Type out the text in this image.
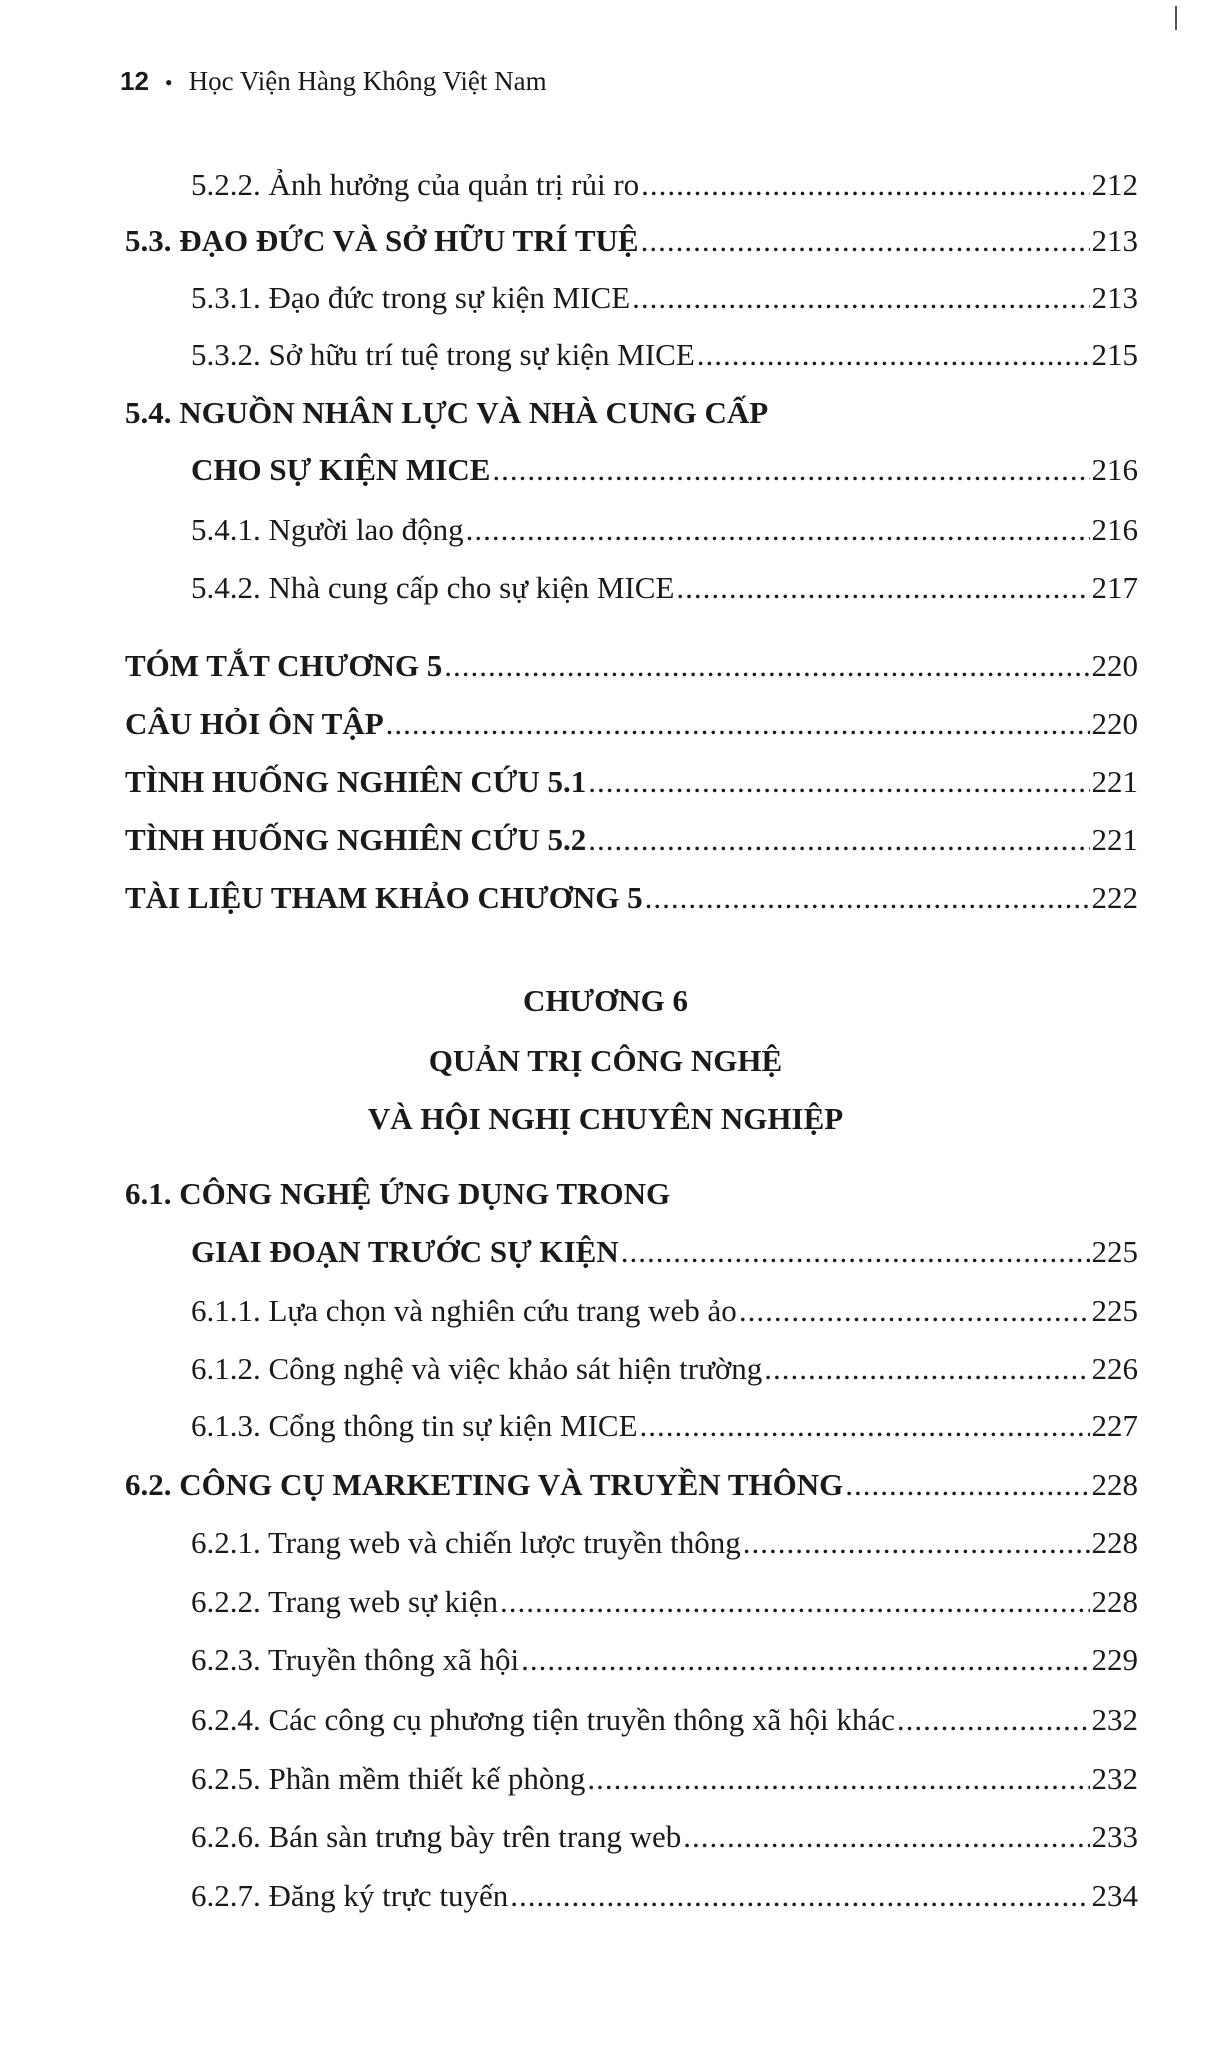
12 • Học Viện Hàng Không Việt Nam
5.2.2. Ảnh hưởng của quản trị rủi ro .....	212
5.3. ĐẠO ĐỨC VÀ SỞ HỮU TRÍ TUỆ .....	213
5.3.1. Đạo đức trong sự kiện MICE .....	213
5.3.2. Sở hữu trí tuệ trong sự kiện MICE .....	215
5.4. NGUỒN NHÂN LỰC VÀ NHÀ CUNG CẤP
CHO SỰ KIỆN MICE .....	216
5.4.1. Người lao động .....	216
5.4.2. Nhà cung cấp cho sự kiện MICE .....	217
TÓM TẮT CHƯƠNG 5 .....	220
CÂU HỎI ÔN TẬP .....	220
TÌNH HUỐNG NGHIÊN CỨU 5.1 .....	221
TÌNH HUỐNG NGHIÊN CỨU 5.2 .....	221
TÀI LIỆU THAM KHẢO CHƯƠNG 5 .....	222
CHƯƠNG 6
QUẢN TRỊ CÔNG NGHỆ
VÀ HỘI NGHỊ CHUYÊN NGHIỆP
6.1. CÔNG NGHỆ ỨNG DỤNG TRONG
GIAI ĐOẠN TRƯỚC SỰ KIỆN .....	225
6.1.1. Lựa chọn và nghiên cứu trang web ảo .....	225
6.1.2. Công nghệ và việc khảo sát hiện trường .....	226
6.1.3. Cổng thông tin sự kiện MICE .....	227
6.2. CÔNG CỤ MARKETING VÀ TRUYỀN THÔNG .....	228
6.2.1. Trang web và chiến lược truyền thông .....	228
6.2.2. Trang web sự kiện .....	228
6.2.3. Truyền thông xã hội .....	229
6.2.4. Các công cụ phương tiện truyền thông xã hội khác .....	232
6.2.5. Phần mềm thiết kế phòng .....	232
6.2.6. Bán sàn trưng bày trên trang web .....	233
6.2.7. Đăng ký trực tuyến .....	234
